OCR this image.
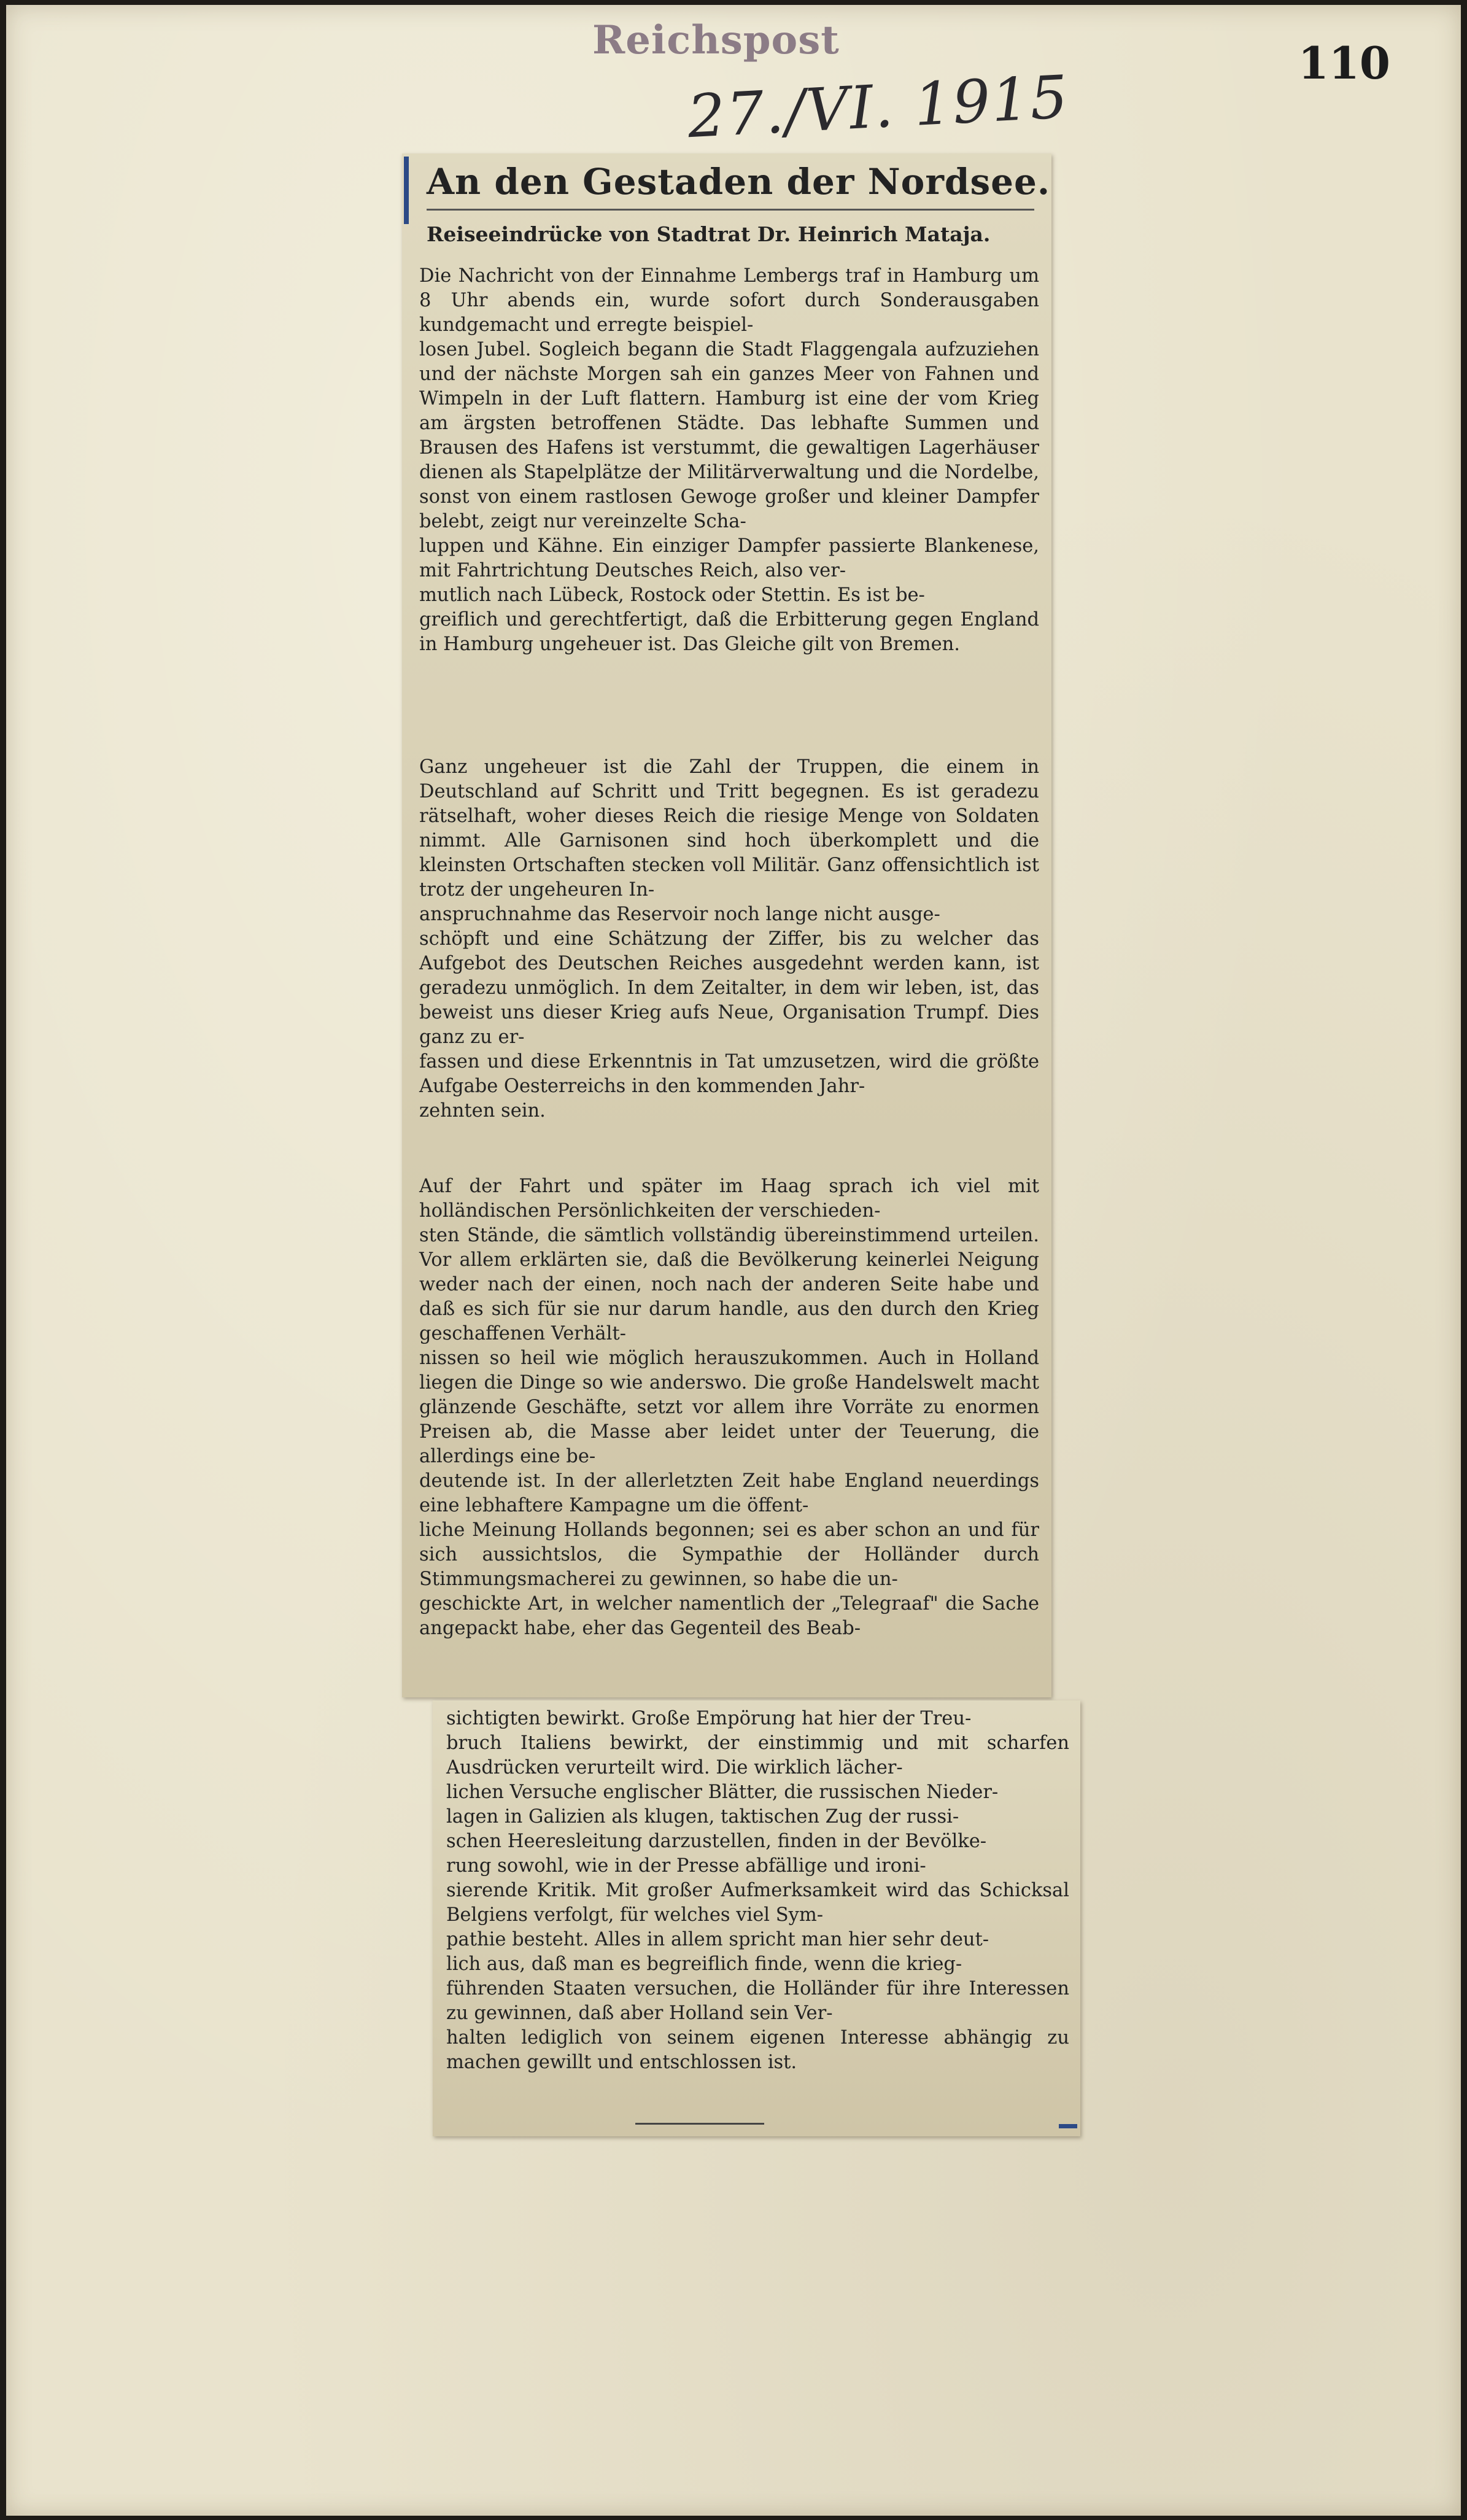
Reichspost
27./VI. 1915	110
An den Gestaden der Nordsee.
Reiseeindrücke von Stadtrat Dr. Heinrich Mataja.
Die Nachricht von der Einnahme Lembergs traf in Hamburg um 8 Uhr abends ein, wurde sofort durch Sonderausgaben kundgemacht und erregte beispiel-
losen Jubel. Sogleich begann die Stadt Flaggengala aufzuziehen und der nächste Morgen sah ein ganzes Meer von Fahnen und Wimpeln in der Luft flattern. Hamburg ist eine der vom Krieg am ärgsten betroffenen Städte. Das lebhafte Summen und Brausen des Hafens ist verstummt, die gewaltigen Lagerhäuser dienen als Stapelplätze der Militärverwaltung und die Nordelbe, sonst von einem rastlosen Gewoge großer und kleiner Dampfer belebt, zeigt nur vereinzelte Scha-
luppen und Kähne. Ein einziger Dampfer passierte Blankenese, mit Fahrtrichtung Deutsches Reich, also ver-
mutlich nach Lübeck, Rostock oder Stettin. Es ist be-
greiflich und gerechtfertigt, daß die Erbitterung gegen England in Hamburg ungeheuer ist. Das Gleiche gilt von Bremen.
Ganz ungeheuer ist die Zahl der Truppen, die einem in Deutschland auf Schritt und Tritt begegnen. Es ist geradezu rätselhaft, woher dieses Reich die riesige Menge von Soldaten nimmt. Alle Garnisonen sind hoch überkomplett und die kleinsten Ortschaften stecken voll Militär. Ganz offensichtlich ist trotz der ungeheuren In-
anspruchnahme das Reservoir noch lange nicht ausge-
schöpft und eine Schätzung der Ziffer, bis zu welcher das Aufgebot des Deutschen Reiches ausgedehnt werden kann, ist geradezu unmöglich. In dem Zeitalter, in dem wir leben, ist, das beweist uns dieser Krieg aufs Neue, Organisation Trumpf. Dies ganz zu er-
fassen und diese Erkenntnis in Tat umzusetzen, wird die größte Aufgabe Oesterreichs in den kommenden Jahr-
zehnten sein.
Auf der Fahrt und später im Haag sprach ich viel mit holländischen Persönlichkeiten der verschieden-
sten Stände, die sämtlich vollständig übereinstimmend urteilen. Vor allem erklärten sie, daß die Bevölkerung keinerlei Neigung weder nach der einen, noch nach der anderen Seite habe und daß es sich für sie nur darum handle, aus den durch den Krieg geschaffenen Verhält-
nissen so heil wie möglich herauszukommen. Auch in Holland liegen die Dinge so wie anderswo. Die große Handelswelt macht glänzende Geschäfte, setzt vor allem ihre Vorräte zu enormen Preisen ab, die Masse aber leidet unter der Teuerung, die allerdings eine be-
deutende ist. In der allerletzten Zeit habe England neuerdings eine lebhaftere Kampagne um die öffent-
liche Meinung Hollands begonnen; sei es aber schon an und für sich aussichtslos, die Sympathie der Holländer durch Stimmungsmacherei zu gewinnen, so habe die un-
geschickte Art, in welcher namentlich der „Telegraaf" die Sache angepackt habe, eher das Gegenteil des Beab-
sichtigten bewirkt. Große Empörung hat hier der Treu-
bruch Italiens bewirkt, der einstimmig und mit scharfen Ausdrücken verurteilt wird. Die wirklich lächer-
lichen Versuche englischer Blätter, die russischen Nieder-
lagen in Galizien als klugen, taktischen Zug der russi-
schen Heeresleitung darzustellen, finden in der Bevölke-
rung sowohl, wie in der Presse abfällige und ironi-
sierende Kritik. Mit großer Aufmerksamkeit wird das Schicksal Belgiens verfolgt, für welches viel Sym-
pathie besteht. Alles in allem spricht man hier sehr deut-
lich aus, daß man es begreiflich finde, wenn die krieg-
führenden Staaten versuchen, die Holländer für ihre Interessen zu gewinnen, daß aber Holland sein Ver-
halten lediglich von seinem eigenen Interesse abhängig zu machen gewillt und entschlossen ist.
